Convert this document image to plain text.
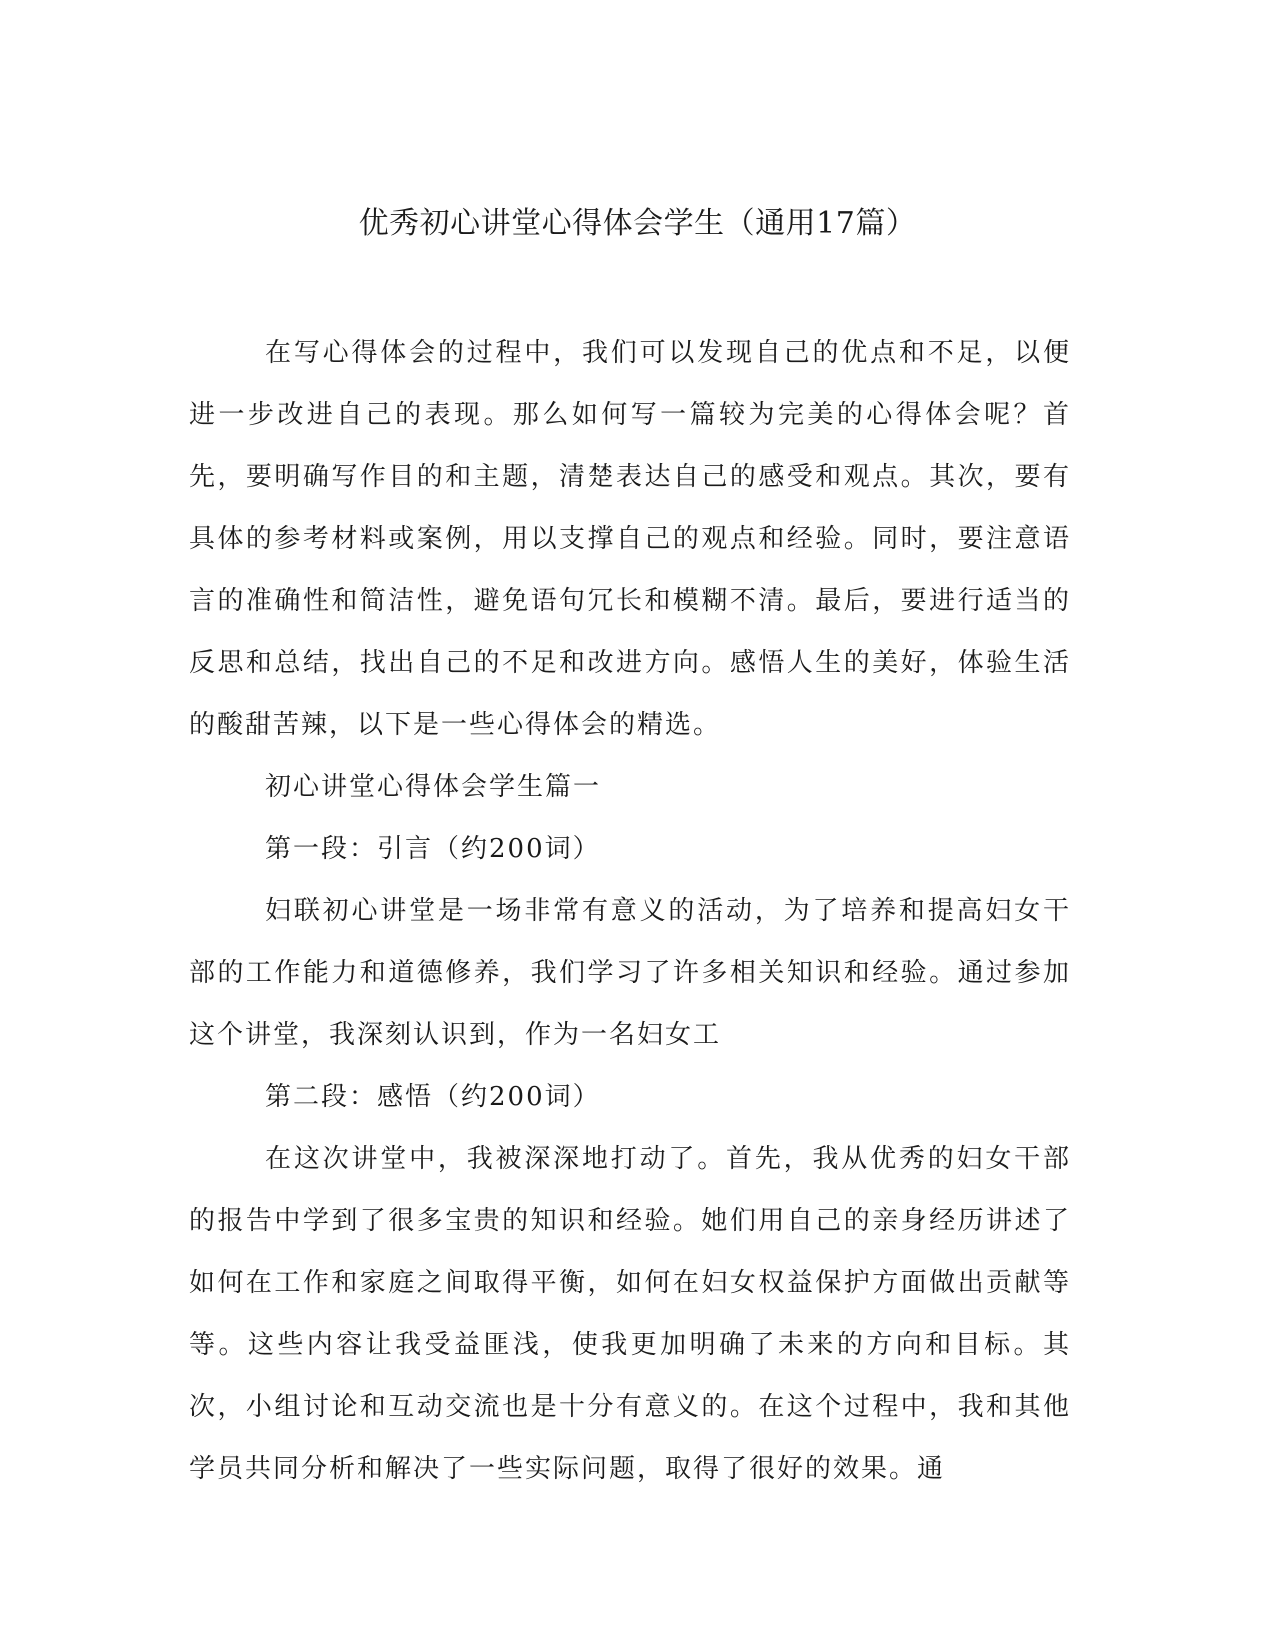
优秀初心讲堂心得体会学生（通用17篇）

在写心得体会的过程中，我们可以发现自己的优点和不足，以便进一步改进自己的表现。那么如何写一篇较为完美的心得体会呢？首先，要明确写作目的和主题，清楚表达自己的感受和观点。其次，要有具体的参考材料或案例，用以支撑自己的观点和经验。同时，要注意语言的准确性和简洁性，避免语句冗长和模糊不清。最后，要进行适当的反思和总结，找出自己的不足和改进方向。感悟人生的美好，体验生活的酸甜苦辣，以下是一些心得体会的精选。

初心讲堂心得体会学生篇一

第一段：引言（约200词）

妇联初心讲堂是一场非常有意义的活动，为了培养和提高妇女干部的工作能力和道德修养，我们学习了许多相关知识和经验。通过参加这个讲堂，我深刻认识到，作为一名妇女工

第二段：感悟（约200词）

在这次讲堂中，我被深深地打动了。首先，我从优秀的妇女干部的报告中学到了很多宝贵的知识和经验。她们用自己的亲身经历讲述了如何在工作和家庭之间取得平衡，如何在妇女权益保护方面做出贡献等等。这些内容让我受益匪浅，使我更加明确了未来的方向和目标。其次，小组讨论和互动交流也是十分有意义的。在这个过程中，我和其他学员共同分析和解决了一些实际问题，取得了很好的效果。通
